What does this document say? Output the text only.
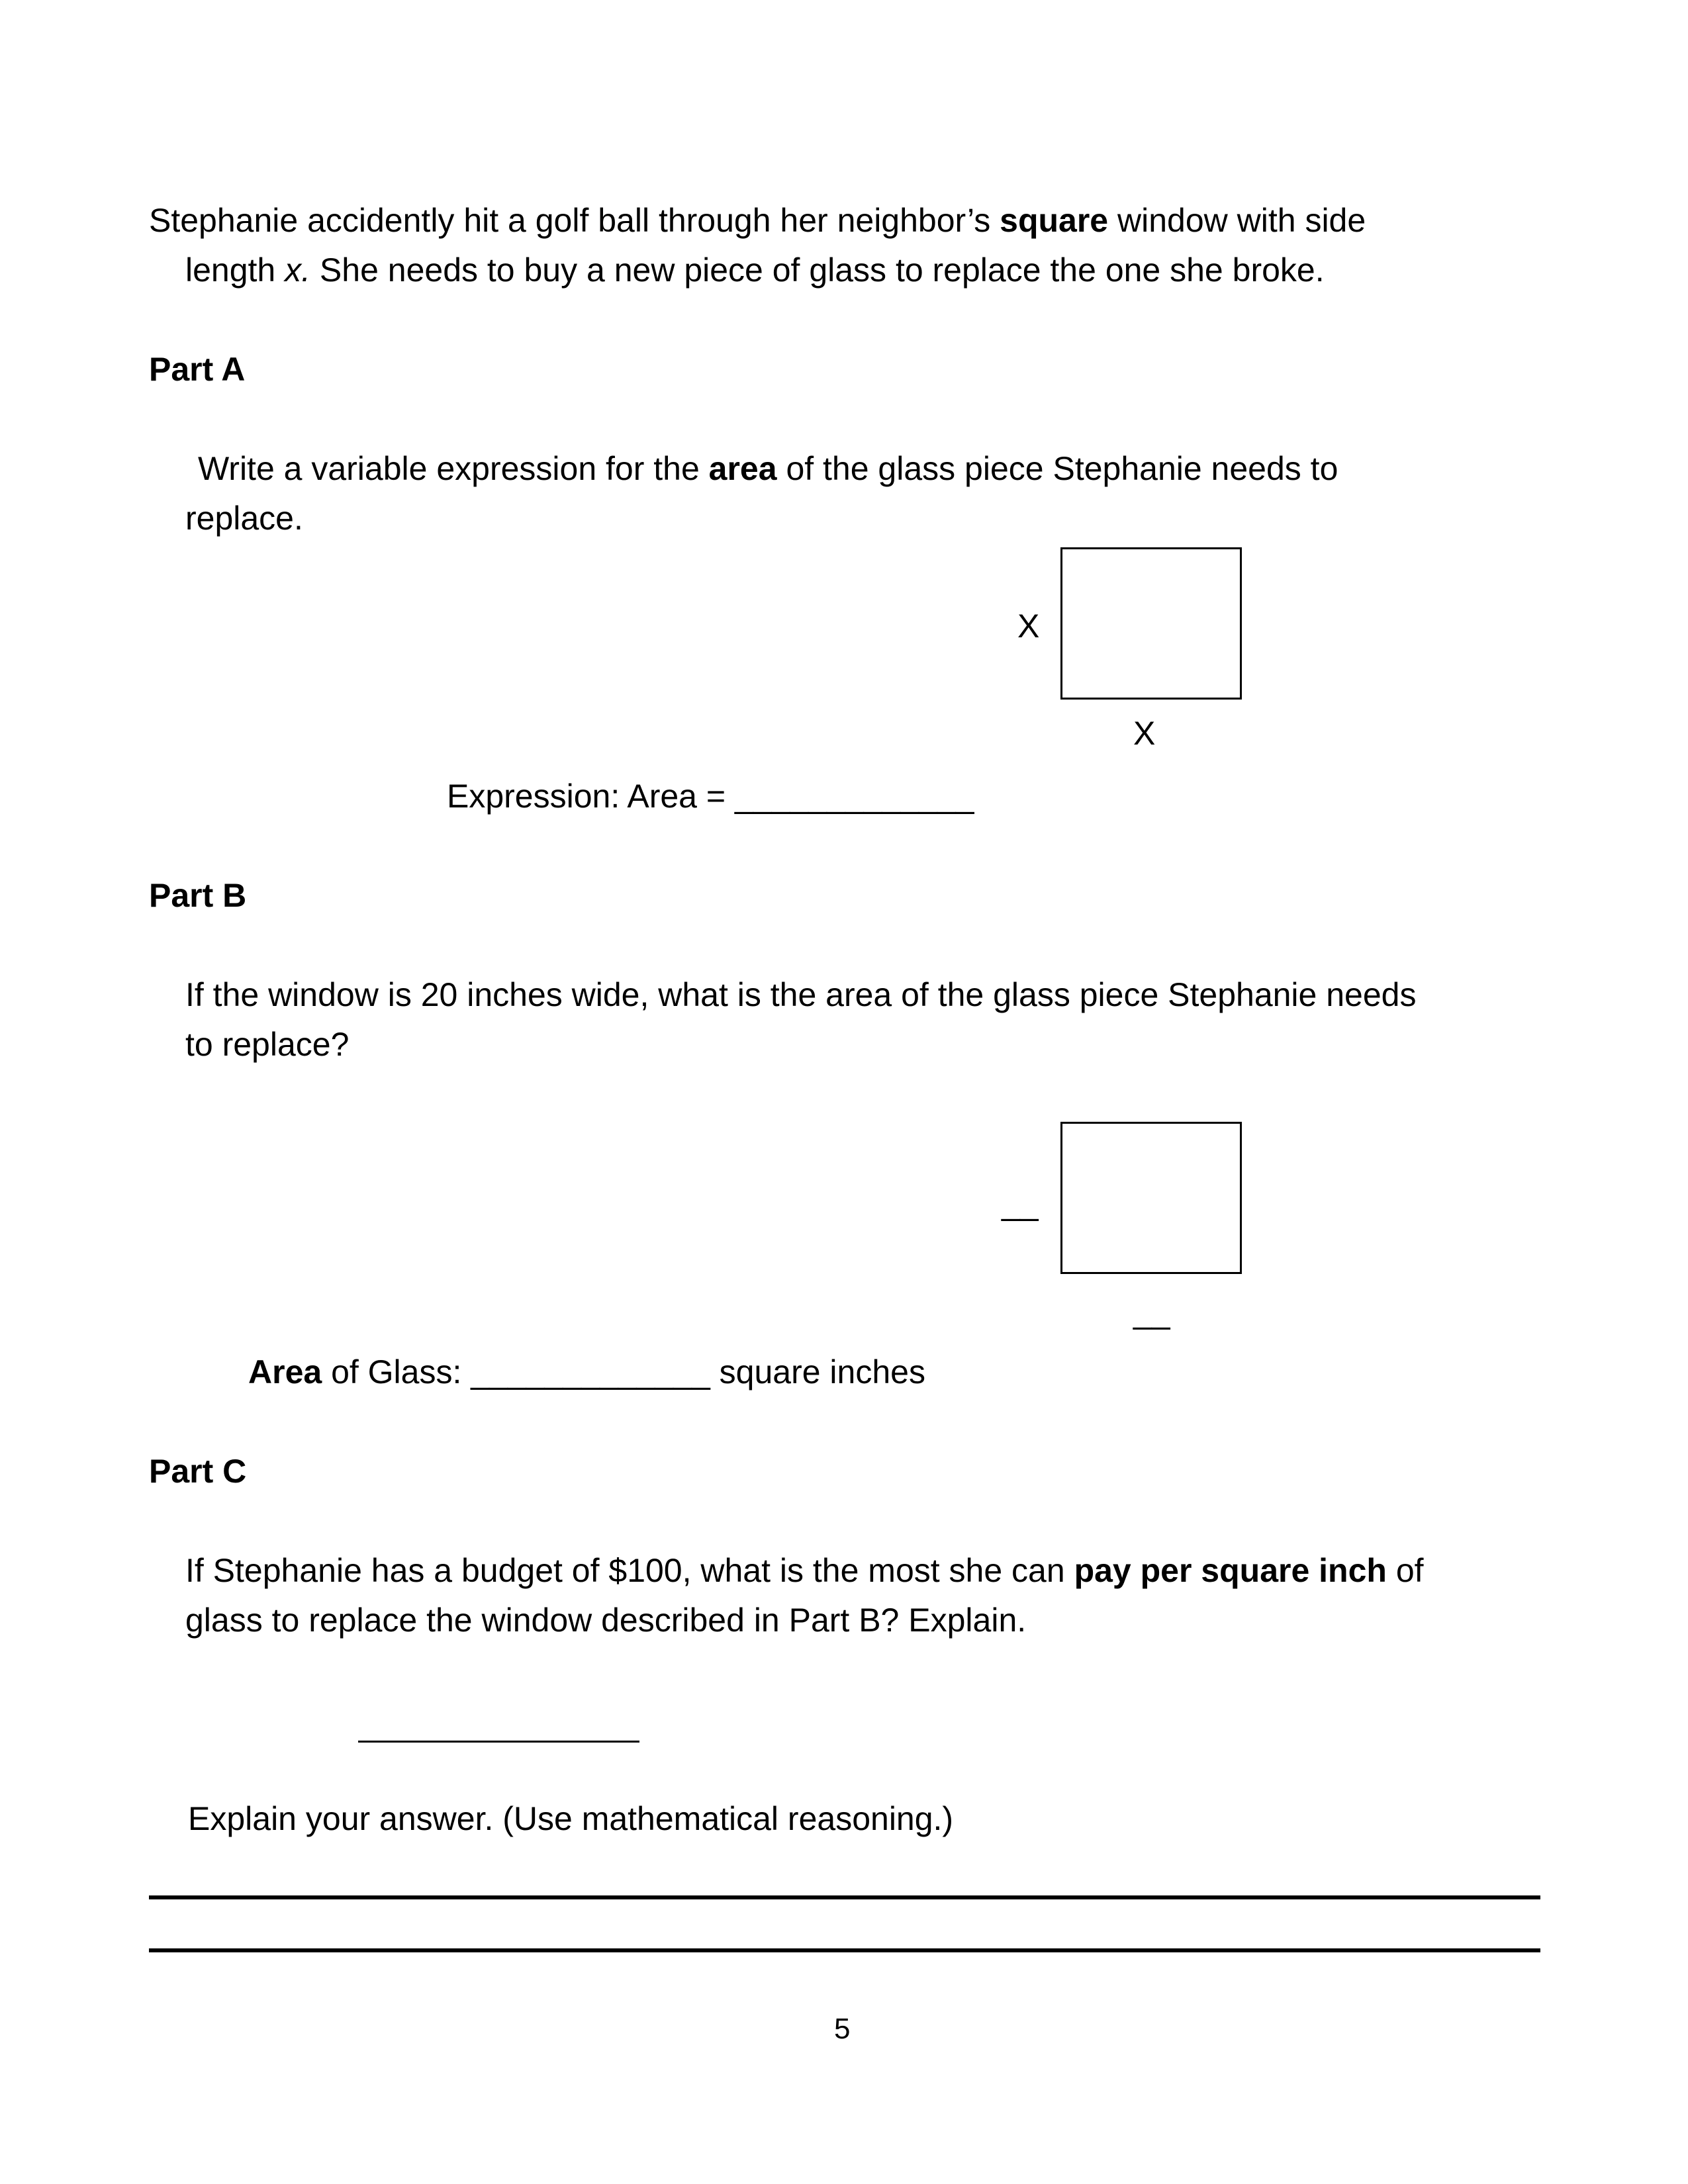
Stephanie accidently hit a golf ball through her neighbor’s square window with side

length x. She needs to buy a new piece of glass to replace the one she broke.

Part A

Write a variable expression for the area of the glass piece Stephanie needs to

replace.

X

X

Expression: Area = _____________

Part B

If the window is 20 inches wide, what is the area of the glass piece Stephanie needs

to replace?

__

__

Area of Glass: _____________ square inches

Part C

If Stephanie has a budget of $100, what is the most she can pay per square inch of

glass to replace the window described in Part B? Explain.

Explain your answer. (Use mathematical reasoning.)

5
